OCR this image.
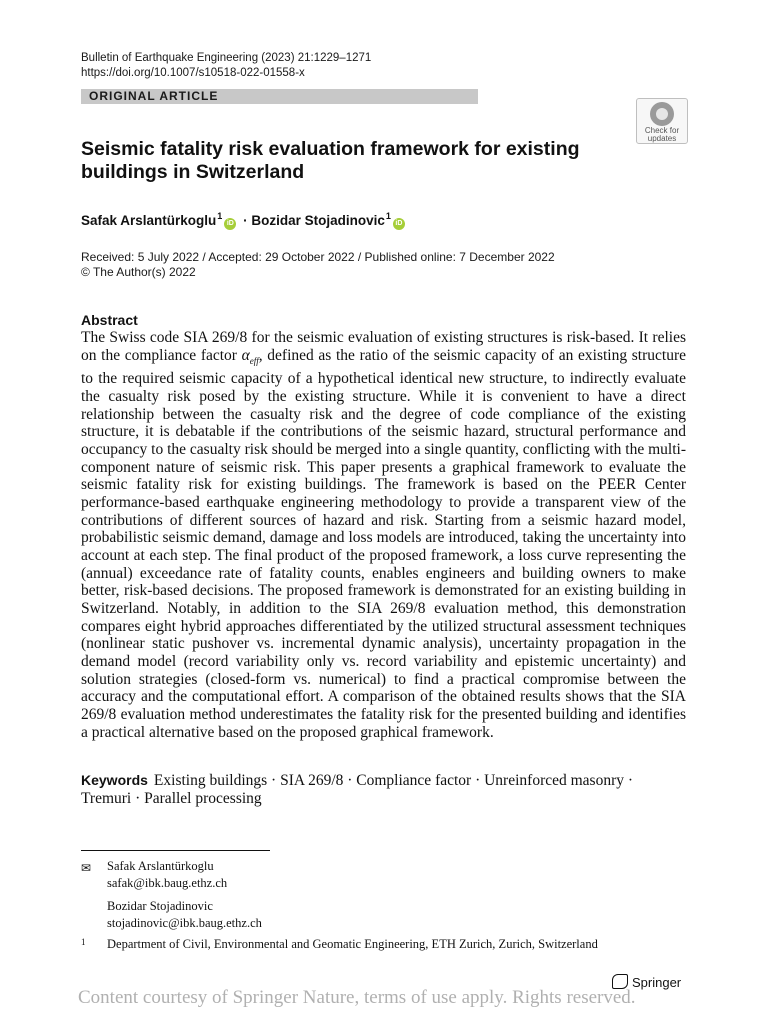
Bulletin of Earthquake Engineering (2023) 21:1229–1271
https://doi.org/10.1007/s10518-022-01558-x
ORIGINAL ARTICLE
Check for
updates
Seismic fatality risk evaluation framework for existing buildings in Switzerland
Safak Arslantürkoglu$^1$iD · Bozidar Stojadinovic$^1$iD
Received: 5 July 2022 / Accepted: 29 October 2022 / Published online: 7 December 2022
© The Author(s) 2022
Abstract

The Swiss code SIA 269/8 for the seismic evaluation of existing structures is risk-based. It relies on the compliance factor $\alpha_{eff}$, defined as the ratio of the seismic capacity of an existing structure to the required seismic capacity of a hypothetical identical new structure, to indirectly evaluate the casualty risk posed by the existing structure. While it is convenient to have a direct relationship between the casualty risk and the degree of code compliance of the existing structure, it is debatable if the contributions of the seismic hazard, structural performance and occupancy to the casualty risk should be merged into a single quantity, conflicting with the multi-component nature of seismic risk. This paper presents a graphical framework to evaluate the seismic fatality risk for existing buildings. The framework is based on the PEER Center performance-based earthquake engineering methodology to provide a transparent view of the contributions of different sources of hazard and risk. Starting from a seismic hazard model, probabilistic seismic demand, damage and loss models are introduced, taking the uncertainty into account at each step. The final product of the proposed framework, a loss curve representing the (annual) exceedance rate of fatality counts, enables engineers and building owners to make better, risk-based decisions. The proposed framework is demonstrated for an existing building in Switzerland. Notably, in addition to the SIA 269/8 evaluation method, this demonstration compares eight hybrid approaches differentiated by the utilized structural assessment techniques (nonlinear static pushover vs. incremental dynamic analysis), uncertainty propagation in the demand model (record variability only vs. record variability and epistemic uncertainty) and solution strategies (closed-form vs. numerical) to find a practical compromise between the accuracy and the computational effort. A comparison of the obtained results shows that the SIA 269/8 evaluation method underestimates the fatality risk for the presented building and identifies a practical alternative based on the proposed graphical framework.

Keywords Existing buildings · SIA 269/8 · Compliance factor · Unreinforced masonry · Tremuri · Parallel processing
✉ Safak Arslantürkoglu
safak@ibk.baug.ethz.ch
Bozidar Stojadinovic
stojadinovic@ibk.baug.ethz.ch
1 Department of Civil, Environmental and Geomatic Engineering, ETH Zurich, Zurich, Switzerland
Springer
Content courtesy of Springer Nature, terms of use apply. Rights reserved.
